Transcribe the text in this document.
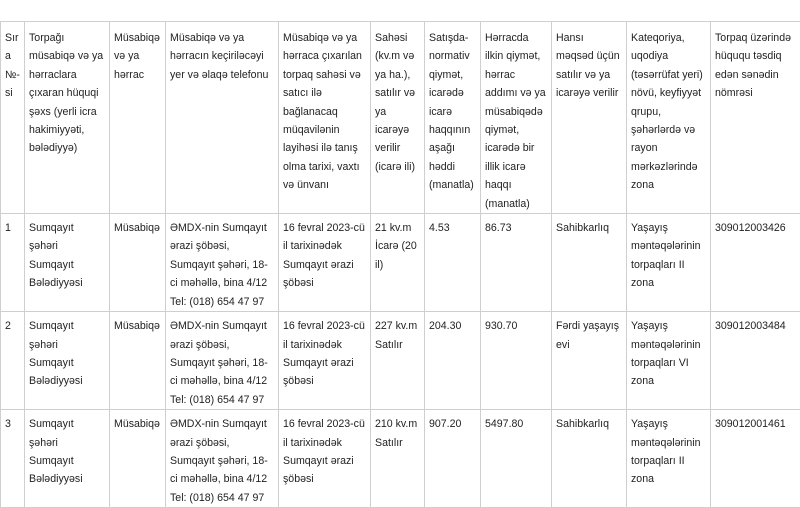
Sıra №-si	Torpağı müsabiqə və ya hərraclara çıxaran hüquqi şəxs (yerli icra hakimiyyəti, bələdiyyə)	Müsabiqə və ya hərrac	Müsabiqə və ya hərracın keçiriləcəyi yer və əlaqə telefonu	Müsabiqə və ya hərraca çıxarılan torpaq sahəsi və satıcı ilə bağlanacaq müqavilənin layihəsi ilə tanış olma tarixi, vaxtı və ünvanı	Sahəsi (kv.m və ya ha.), satılır və ya icarəyə verilir (icarə ili)	Satışda-normativ qiymət, icarədə icarə haqqının aşağı həddi (manatla)	Hərracda ilkin qiymət, hərrac addımı və ya müsabiqədə qiymət, icarədə bir illik icarə haqqı (manatla)	Hansı məqsəd üçün satılır və ya icarəyə verilir	Kateqoriya, uqodiya (təsərrüfat yeri) növü, keyfiyyət qrupu, şəhərlərdə və rayon mərkəzlərində zona	Torpaq üzərində hüququ təsdiq edən sənədin nömrəsi
1	Sumqayıt şəhəri Sumqayıt Bələdiyyəsi	Müsabiqə	ƏMDX-nin Sumqayıt ərazi şöbəsi, Sumqayıt şəhəri, 18-ci məhəllə, bina 4/12 Tel: (018) 654 47 97	16 fevral 2023-cü il tarixinədək Sumqayıt ərazi şöbəsi	21 kv.m İcarə (20 il)	4.53	86.73	Sahibkarlıq	Yaşayış məntəqələrinin torpaqları II zona	309012003426
2	Sumqayıt şəhəri Sumqayıt Bələdiyyəsi	Müsabiqə	ƏMDX-nin Sumqayıt ərazi şöbəsi, Sumqayıt şəhəri, 18-ci məhəllə, bina 4/12 Tel: (018) 654 47 97	16 fevral 2023-cü il tarixinədək Sumqayıt ərazi şöbəsi	227 kv.m Satılır	204.30	930.70	Fərdi yaşayış evi	Yaşayış məntəqələrinin torpaqları VI zona	309012003484
3	Sumqayıt şəhəri Sumqayıt Bələdiyyəsi	Müsabiqə	ƏMDX-nin Sumqayıt ərazi şöbəsi, Sumqayıt şəhəri, 18-ci məhəllə, bina 4/12 Tel: (018) 654 47 97	16 fevral 2023-cü il tarixinədək Sumqayıt ərazi şöbəsi	210 kv.m Satılır	907.20	5497.80	Sahibkarlıq	Yaşayış məntəqələrinin torpaqları II zona	309012001461
